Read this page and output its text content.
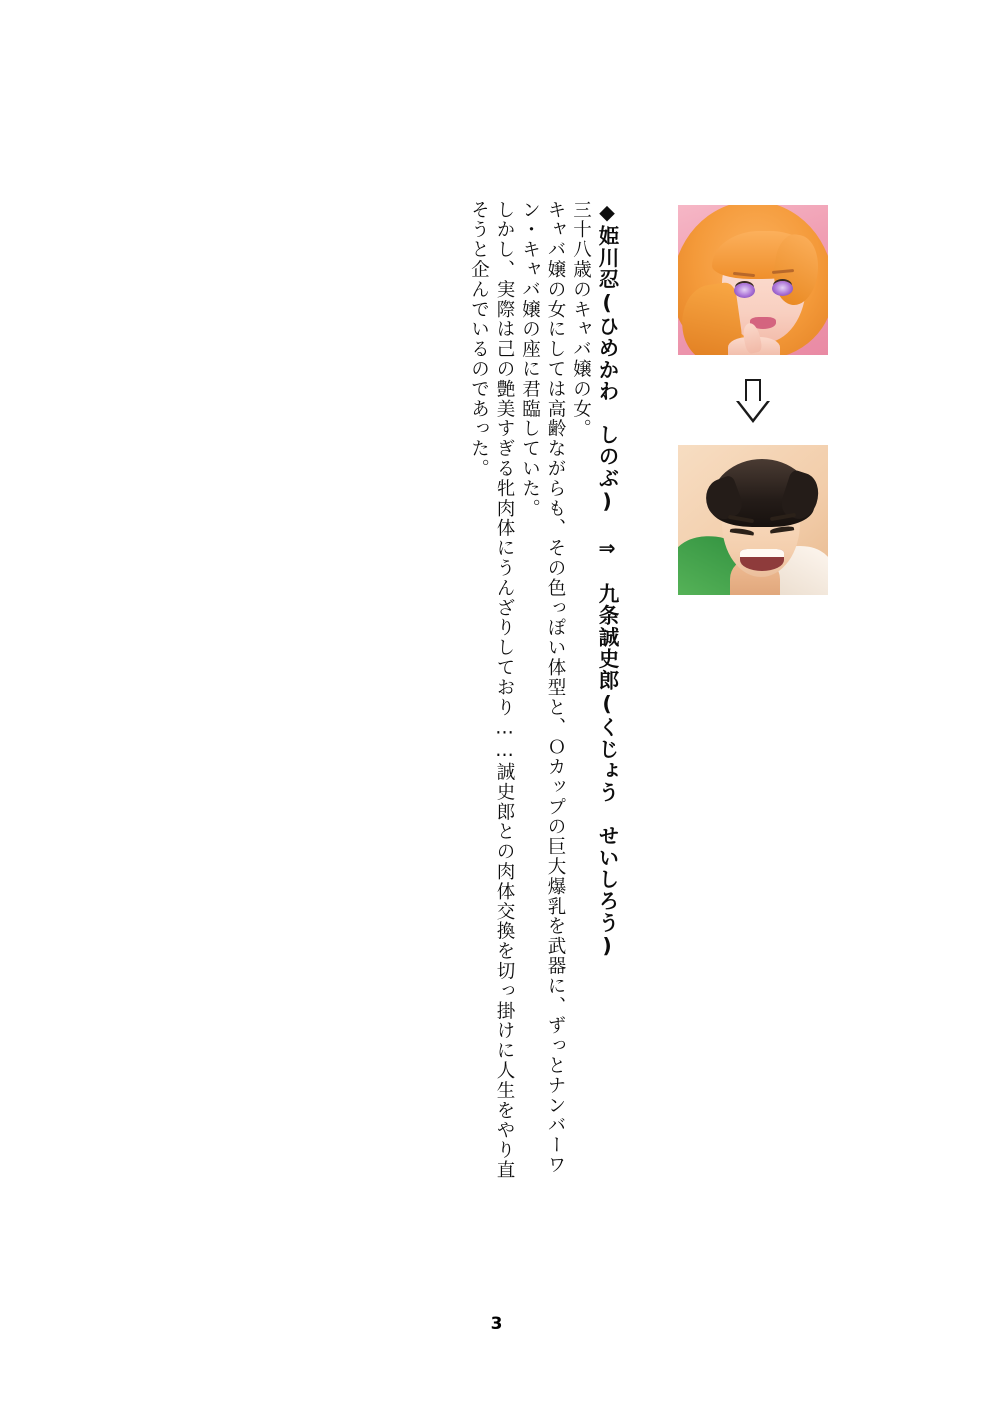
◆姫川忍(ひめかわ　しのぶ)　⇒　九条誠史郎(くじょう　せいしろう)
三十八歳のキャバ嬢の女。
キャバ嬢の女にしては高齢ながらも、その色っぽい体型と、Ｏカップの巨大爆乳を武器に、ずっとナンバーワ
ン・キャバ嬢の座に君臨していた。
しかし、実際は己の艶美すぎる牝肉体にうんざりしており……誠史郎との肉体交換を切っ掛けに人生をやり直
そうと企んでいるのであった。
3
